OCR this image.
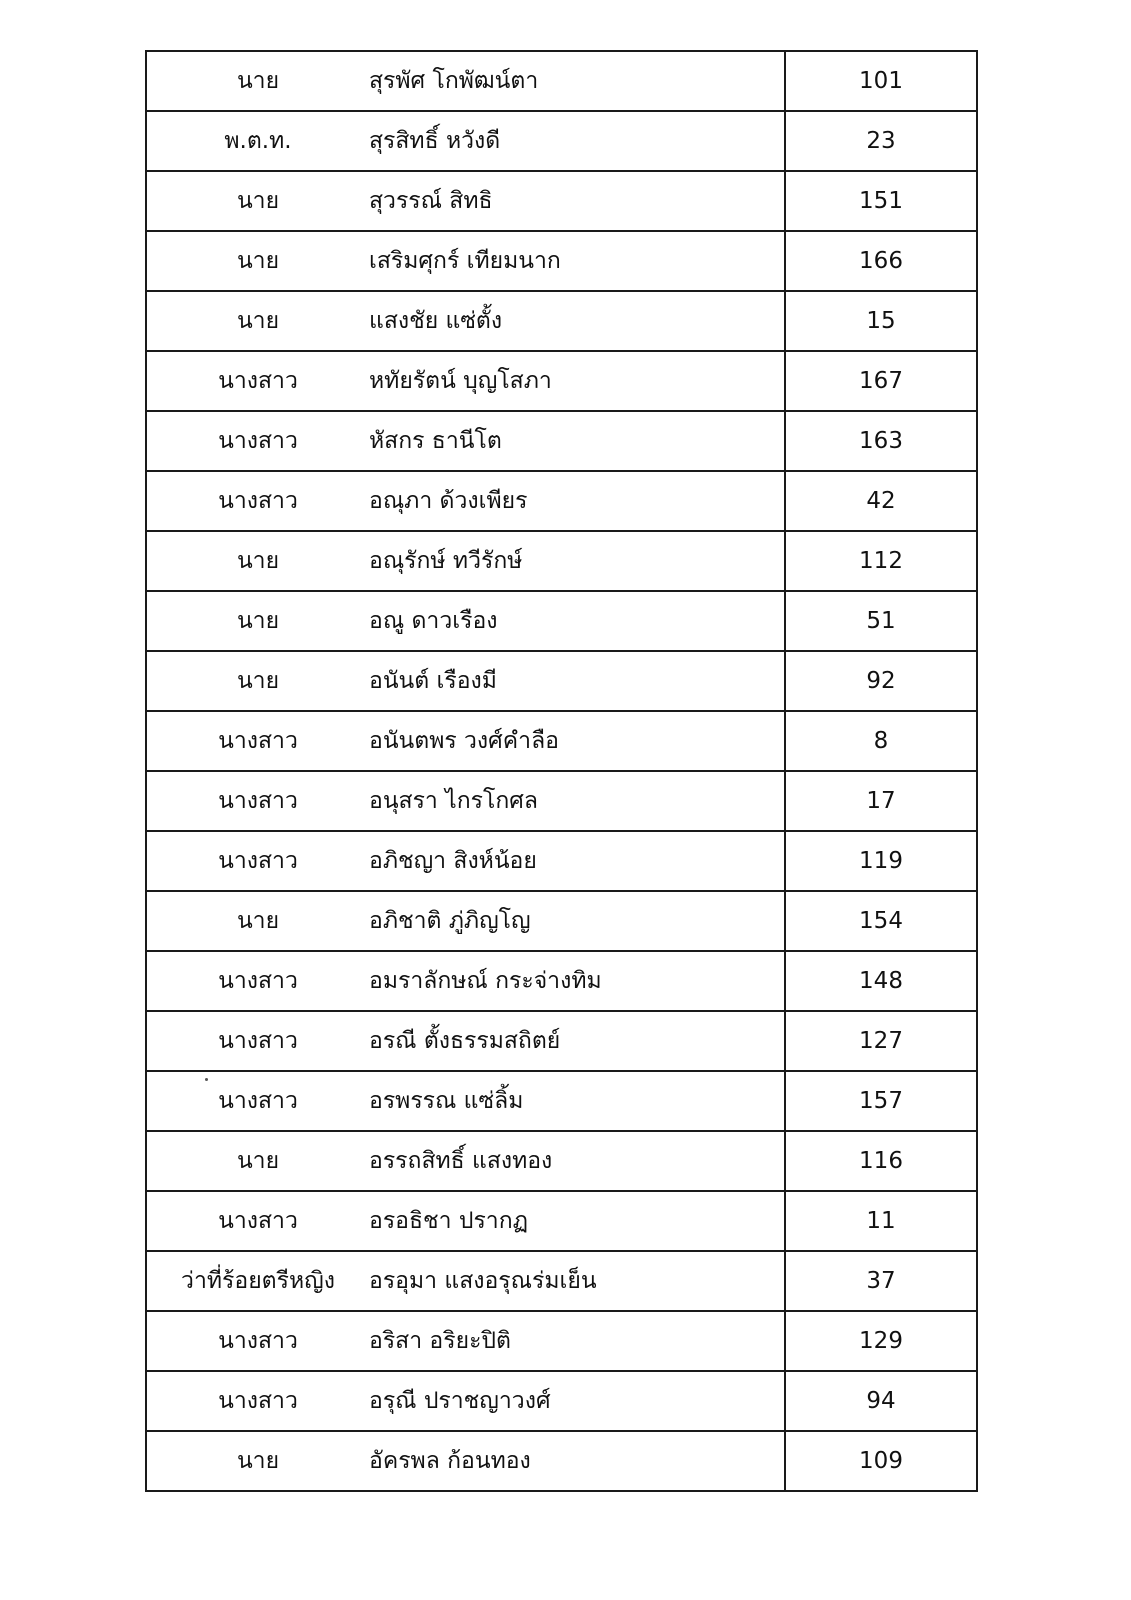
นาย	สุรพัศ โกพัฒน์ตา	101
พ.ต.ท.	สุรสิทธิ์ หวังดี	23
นาย	สุวรรณ์ สิทธิ	151
นาย	เสริมศุกร์ เทียมนาก	166
นาย	แสงชัย แซ่ตั้ง	15
นางสาว	หทัยรัตน์ บุญโสภา	167
นางสาว	หัสกร ธานีโต	163
นางสาว	อณุภา ด้วงเพียร	42
นาย	อณุรักษ์ ทวีรักษ์	112
นาย	อณู ดาวเรือง	51
นาย	อนันต์ เรืองมี	92
นางสาว	อนันตพร วงศ์คำลือ	8
นางสาว	อนุสรา ไกรโกศล	17
นางสาว	อภิชญา สิงห์น้อย	119
นาย	อภิชาติ ภู่ภิญโญ	154
นางสาว	อมราลักษณ์ กระจ่างทิม	148
นางสาว	อรณี ตั้งธรรมสถิตย์	127
นางสาว	อรพรรณ แซ่ลิ้ม	157
นาย	อรรถสิทธิ์ แสงทอง	116
นางสาว	อรอธิชา ปรากฏ	11
ว่าที่ร้อยตรีหญิง	อรอุมา แสงอรุณร่มเย็น	37
นางสาว	อริสา อริยะปิติ	129
นางสาว	อรุณี ปราชญาวงศ์	94
นาย	อัครพล ก้อนทอง	109
